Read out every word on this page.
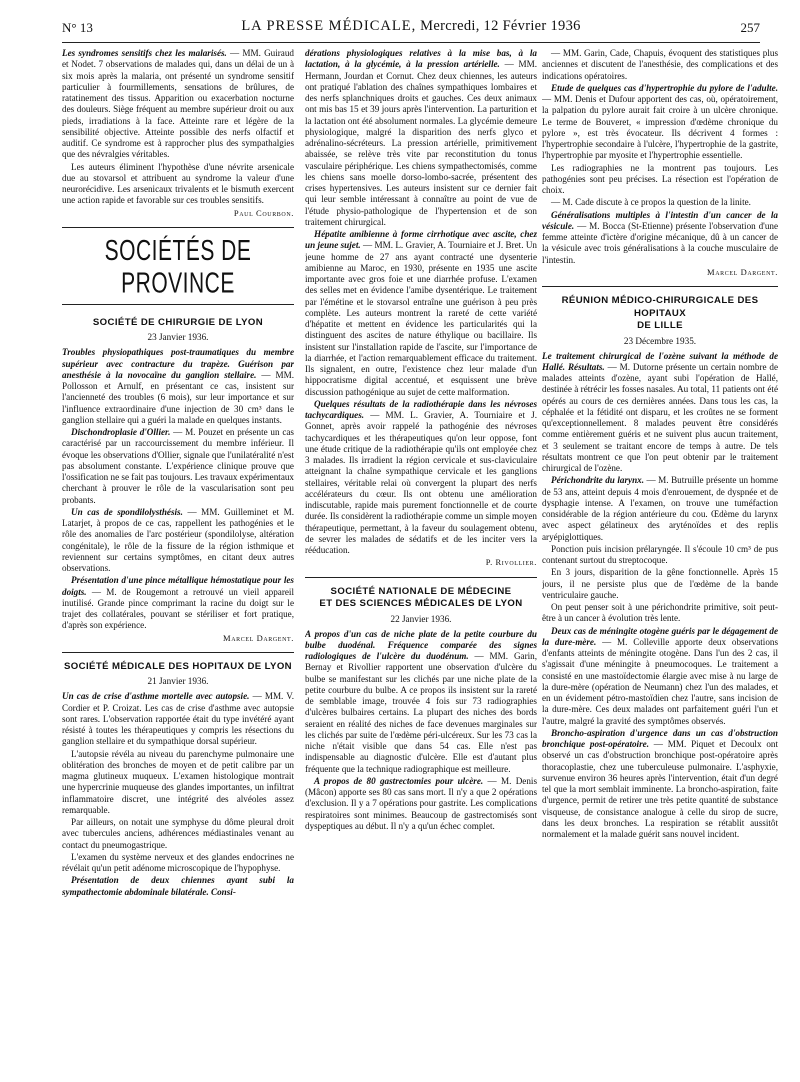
N° 13	LA PRESSE MÉDICALE, Mercredi, 12 Février 1936	257

Les syndromes sensitifs chez les malarisés. — MM. Guiraud et Nodet. 7 observations de malades qui, dans un délai de un à six mois après la malaria, ont présenté un syndrome sensitif particulier à fourmillements, sensations de brûlures, de ratatinement des tissus. Apparition ou exacerbation nocturne des douleurs. Siège fréquent au membre supérieur droit ou aux pieds, irradiations à la face. Atteinte rare et légère de la sensibilité objective. Atteinte possible des nerfs olfactif et auditif. Ce syndrome est à rapprocher plus des sympathalgies que des névralgies véritables.

Les auteurs éliminent l'hypothèse d'une névrite arsenicale due au stovarsol et attribuent au syndrome la valeur d'une neurorécidive. Les arsenicaux trivalents et le bismuth exercent une action rapide et favorable sur ces troubles sensitifs.

Paul Courbon.

SOCIÉTÉS DE PROVINCE
SOCIÉTÉ DE CHIRURGIE DE LYON
23 Janvier 1936.

Troubles physiopathiques post-traumatiques du membre supérieur avec contracture du trapèze. Guérison par anesthésie à la novocaïne du ganglion stellaire. — MM. Pollosson et Arnulf, en présentant ce cas, insistent sur l'ancienneté des troubles (6 mois), sur leur importance et sur l'influence extraordinaire d'une injection de 30 cm³ dans le ganglion stellaire qui a guéri la malade en quelques instants.

Dischondroplasie d'Ollier. — M. Pouzet en présente un cas caractérisé par un raccourcissement du membre inférieur. Il évoque les observations d'Ollier, signale que l'unilatéralité n'est pas absolument constante. L'expérience clinique prouve que l'ossification ne se fait pas toujours. Les travaux expérimentaux cherchant à prouver le rôle de la vascularisation sont peu probants.

Un cas de spondilolysthésis. — MM. Guilleminet et M. Latarjet, à propos de ce cas, rappellent les pathogénies et le rôle des anomalies de l'arc postérieur (spondilolyse, altération congénitale), le rôle de la fissure de la région isthmique et reviennent sur certains symptômes, en citant deux autres observations.

Présentation d'une pince métallique hémostatique pour les doigts. — M. de Rougemont a retrouvé un vieil appareil inutilisé. Grande pince comprimant la racine du doigt sur le trajet des collatérales, pouvant se stériliser et fort pratique, d'après son expérience.

Marcel Dargent.

SOCIÉTÉ MÉDICALE DES HOPITAUX DE LYON
21 Janvier 1936.

Un cas de crise d'asthme mortelle avec autopsie. — MM. V. Cordier et P. Croizat. Les cas de crise d'asthme avec autopsie sont rares. L'observation rapportée était du type invétéré ayant résisté à toutes les thérapeutiques y compris les résections du ganglion stellaire et du sympathique dorsal supérieur.

L'autopsie révéla au niveau du parenchyme pulmonaire une oblitération des bronches de moyen et de petit calibre par un magma glutineux muqueux. L'examen histologique montrait une hypercrinie muqueuse des glandes importantes, un infiltrat inflammatoire discret, une intégrité des alvéoles assez remarquable.

Par ailleurs, on notait une symphyse du dôme pleural droit avec tubercules anciens, adhérences médiastinales venant au contact du pneumogastrique.

L'examen du système nerveux et des glandes endocrines ne révélait qu'un petit adénome microscopique de l'hypophyse.

Présentation de deux chiennes ayant subi la sympathectomie abdominale bilatérale. Consi-

dérations physiologiques relatives à la mise bas, à la lactation, à la glycémie, à la pression artérielle. — MM. Hermann, Jourdan et Cornut. Chez deux chiennes, les auteurs ont pratiqué l'ablation des chaînes sympathiques lombaires et des nerfs splanchniques droits et gauches. Ces deux animaux ont mis bas 15 et 39 jours après l'intervention. La parturition et la lactation ont été absolument normales. La glycémie demeure physiologique, malgré la disparition des nerfs glyco et adrénalino-sécréteurs. La pression artérielle, primitivement abaissée, se relève très vite par reconstitution du tonus vasculaire périphérique. Les chiens sympathectomisés, comme les chiens sans moelle dorso-lombo-sacrée, présentent des crises hypertensives. Les auteurs insistent sur ce dernier fait qui leur semble intéressant à connaître au point de vue de l'étude physio-pathologique de l'hypertension et de son traitement chirurgical.

Hépatite amibienne à forme cirrhotique avec ascite, chez un jeune sujet. — MM. L. Gravier, A. Tourniaire et J. Bret. Un jeune homme de 27 ans ayant contracté une dysenterie amibienne au Maroc, en 1930, présente en 1935 une ascite importante avec gros foie et une diarrhée profuse. L'examen des selles met en évidence l'amibe dysentérique. Le traitement par l'émétine et le stovarsol entraîne une guérison à peu près complète. Les auteurs montrent la rareté de cette variété d'hépatite et mettent en évidence les particularités qui la distinguent des ascites de nature éthylique ou bacillaire. Ils insistent sur l'installation rapide de l'ascite, sur l'importance de la diarrhée, et l'action remarquablement efficace du traitement. Ils signalent, en outre, l'existence chez leur malade d'un hippocratisme digital accentué, et esquissent une brève discussion pathogénique au sujet de cette malformation.

Quelques résultats de la radiothérapie dans les névroses tachycardiques. — MM. L. Gravier, A. Tourniaire et J. Gonnet, après avoir rappelé la pathogénie des névroses tachycardiques et les thérapeutiques qu'on leur oppose, font une étude critique de la radiothérapie qu'ils ont employée chez 3 malades. Ils irradient la région cervicale et sus-claviculaire atteignant la chaîne sympathique cervicale et les ganglions stellaires, véritable relai où convergent la plupart des nerfs accélérateurs du cœur. Ils ont obtenu une amélioration indiscutable, rapide mais purement fonctionnelle et de courte durée. Ils considèrent la radiothérapie comme un simple moyen thérapeutique, permettant, à la faveur du soulagement obtenu, de sevrer les malades de sédatifs et de les inciter vers la rééducation.

P. Rivollier.

SOCIÉTÉ NATIONALE DE MÉDECINE
ET DES SCIENCES MÉDICALES DE LYON
22 Janvier 1936.

A propos d'un cas de niche plate de la petite courbure du bulbe duodénal. Fréquence comparée des signes radiologiques de l'ulcère du duodénum. — MM. Garin, Bernay et Rivollier rapportent une observation d'ulcère du bulbe se manifestant sur les clichés par une niche plate de la petite courbure du bulbe. A ce propos ils insistent sur la rareté de semblable image, trouvée 4 fois sur 73 radiographies d'ulcères bulbaires certains. La plupart des niches des bords seraient en réalité des niches de face devenues marginales sur les clichés par suite de l'œdème péri-ulcéreux. Sur les 73 cas la niche n'était visible que dans 54 cas. Elle n'est pas indispensable au diagnostic d'ulcère. Elle est d'autant plus fréquente que la technique radiographique est meilleure.

A propos de 80 gastrectomies pour ulcère. — M. Denis (Mâcon) apporte ses 80 cas sans mort. Il n'y a que 2 opérations d'exclusion. Il y a 7 opérations pour gastrite. Les complications respiratoires sont minimes. Beaucoup de gastrectomisés sont dyspeptiques au début. Il n'y a qu'un échec complet.

— MM. Garin, Cade, Chapuis, évoquent des statistiques plus anciennes et discutent de l'anesthésie, des complications et des indications opératoires.

Etude de quelques cas d'hypertrophie du pylore de l'adulte. — MM. Denis et Dufour apportent des cas, où, opératoirement, la palpation du pylore aurait fait croire à un ulcère chronique. Le terme de Bouveret, « impression d'œdème chronique du pylore », est très évocateur. Ils décrivent 4 formes : l'hypertrophie secondaire à l'ulcère, l'hypertrophie de la gastrite, l'hypertrophie par myosite et l'hypertrophie essentielle.

Les radiographies ne la montrent pas toujours. Les pathogénies sont peu précises. La résection est l'opération de choix.

— M. Cade discute à ce propos la question de la linite.

Généralisations multiples à l'intestin d'un cancer de la vésicule. — M. Bocca (St-Etienne) présente l'observation d'une femme atteinte d'ictère d'origine mécanique, dû à un cancer de la vésicule avec trois généralisations à la couche musculaire de l'intestin.

Marcel Dargent.

RÉUNION MÉDICO-CHIRURGICALE DES HOPITAUX
DE LILLE
23 Décembre 1935.

Le traitement chirurgical de l'ozène suivant la méthode de Hallé. Résultats. — M. Dutorne présente un certain nombre de malades atteints d'ozène, ayant subi l'opération de Hallé, destinée à rétrécir les fosses nasales. Au total, 11 patients ont été opérés au cours de ces dernières années. Dans tous les cas, la céphalée et la fétidité ont disparu, et les croûtes ne se forment qu'exceptionnellement. 8 malades peuvent être considérés comme entièrement guéris et ne suivent plus aucun traitement, et 3 seulement se traitant encore de temps à autre. De tels résultats montrent ce que l'on peut obtenir par le traitement chirurgical de l'ozène.

Périchondrite du larynx. — M. Butruille présente un homme de 53 ans, atteint depuis 4 mois d'enrouement, de dyspnée et de dysphagie intense. A l'examen, on trouve une tuméfaction considérable de la région antérieure du cou. Œdème du larynx avec aspect gélatineux des aryténoïdes et des replis aryépiglottiques.

Ponction puis incision prélaryngée. Il s'écoule 10 cm³ de pus contenant surtout du streptocoque.

En 3 jours, disparition de la gêne fonctionnelle. Après 15 jours, il ne persiste plus que de l'œdème de la bande ventriculaire gauche.

On peut penser soit à une périchondrite primitive, soit peut-être à un cancer à évolution très lente.

Deux cas de méningite otogène guéris par le dégagement de la dure-mère. — M. Colleville apporte deux observations d'enfants atteints de méningite otogène. Dans l'un des 2 cas, il s'agissait d'une méningite à pneumocoques. Le traitement a consisté en une mastoïdectomie élargie avec mise à nu large de la dure-mère (opération de Neumann) chez l'un des malades, et en un évidement pétro-mastoïdien chez l'autre, sans incision de la dure-mère. Ces deux malades ont parfaitement guéri l'un et l'autre, malgré la gravité des symptômes observés.

Broncho-aspiration d'urgence dans un cas d'obstruction bronchique post-opératoire. — MM. Piquet et Decoulx ont observé un cas d'obstruction bronchique post-opératoire après thoracoplastie, chez une tuberculeuse pulmonaire. L'asphyxie, survenue environ 36 heures après l'intervention, était d'un degré tel que la mort semblait imminente. La broncho-aspiration, faite d'urgence, permit de retirer une très petite quantité de substance visqueuse, de consistance analogue à celle du sirop de sucre, dans les deux bronches. La respiration se rétablit aussitôt normalement et la malade guérit sans nouvel incident.
